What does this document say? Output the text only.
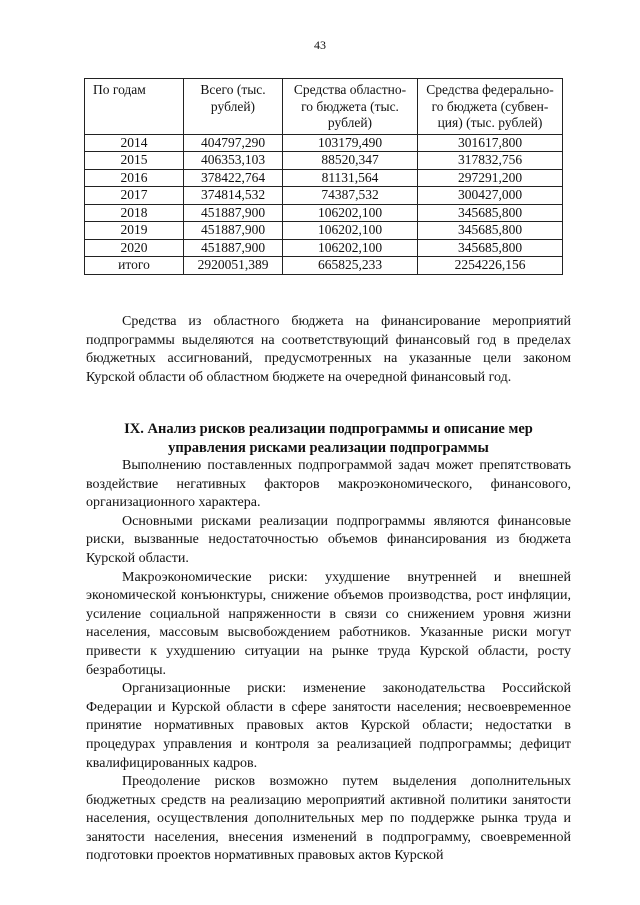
43
По годам	Всего (тыс. рублей)	Средства областно-го бюджета (тыс. рублей)	Средства федерально-го бюджета (субвен-ция) (тыс. рублей)
2014	404797,290	103179,490	301617,800
2015	406353,103	88520,347	317832,756
2016	378422,764	81131,564	297291,200
2017	374814,532	74387,532	300427,000
2018	451887,900	106202,100	345685,800
2019	451887,900	106202,100	345685,800
2020	451887,900	106202,100	345685,800
итого	2920051,389	665825,233	2254226,156

Средства из областного бюджета на финансирование мероприятий подпрограммы выделяются на соответствующий финансовый год в пределах бюджетных ассигнований, предусмотренных на указанные цели законом Курской области об областном бюджете на очередной финансовый год.

IX. Анализ рисков реализации подпрограммы и описание мер управления рисками реализации подпрограммы

Выполнению поставленных подпрограммой задач может препятствовать воздействие негативных факторов макроэкономического, финансового, организационного характера.

Основными рисками реализации подпрограммы являются финансовые риски, вызванные недостаточностью объемов финансирования из бюджета Курской области.

Макроэкономические риски: ухудшение внутренней и внешней экономической конъюнктуры, снижение объемов производства, рост инфляции, усиление социальной напряженности в связи со снижением уровня жизни населения, массовым высвобождением работников. Указанные риски могут привести к ухудшению ситуации на рынке труда Курской области, росту безработицы.

Организационные риски: изменение законодательства Российской Федерации и Курской области в сфере занятости населения; несвоевременное принятие нормативных правовых актов Курской области; недостатки в процедурах управления и контроля за реализацией подпрограммы; дефицит квалифицированных кадров.

Преодоление рисков возможно путем выделения дополнительных бюджетных средств на реализацию мероприятий активной политики занятости населения, осуществления дополнительных мер по поддержке рынка труда и занятости населения, внесения изменений в подпрограмму, своевременной подготовки проектов нормативных правовых актов Курской
